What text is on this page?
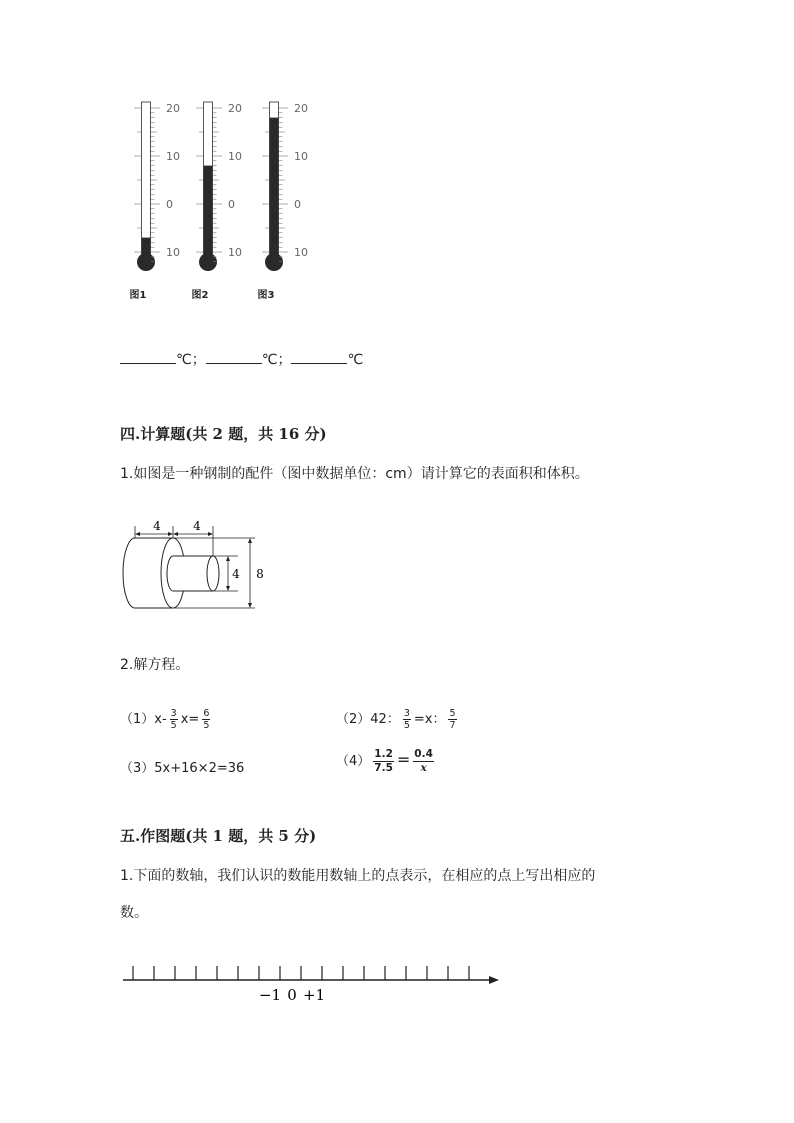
20
10
0
10
图1
20
10
0
10
图2
20
10
0
10
图3
℃；	℃；	℃
四.计算题(共 2 题，共 16 分)
1.如图是一种钢制的配件（图中数据单位：cm）请计算它的表面积和体积。
4	4
4 8
2.解方程。
$(1)x- \frac{3}{5} x= \frac{6}{5}$	（2）42： $\frac{3}{5} =x$： $\frac{5}{7}$
（3）5x+16×2=36	$(4) \frac{1.2}{7.5} = \frac{0.4}{x}$
五.作图题(共 1 题，共 5 分)
1.下面的数轴，我们认识的数能用数轴上的点表示，在相应的点上写出相应的
数。
−1 0 +1
